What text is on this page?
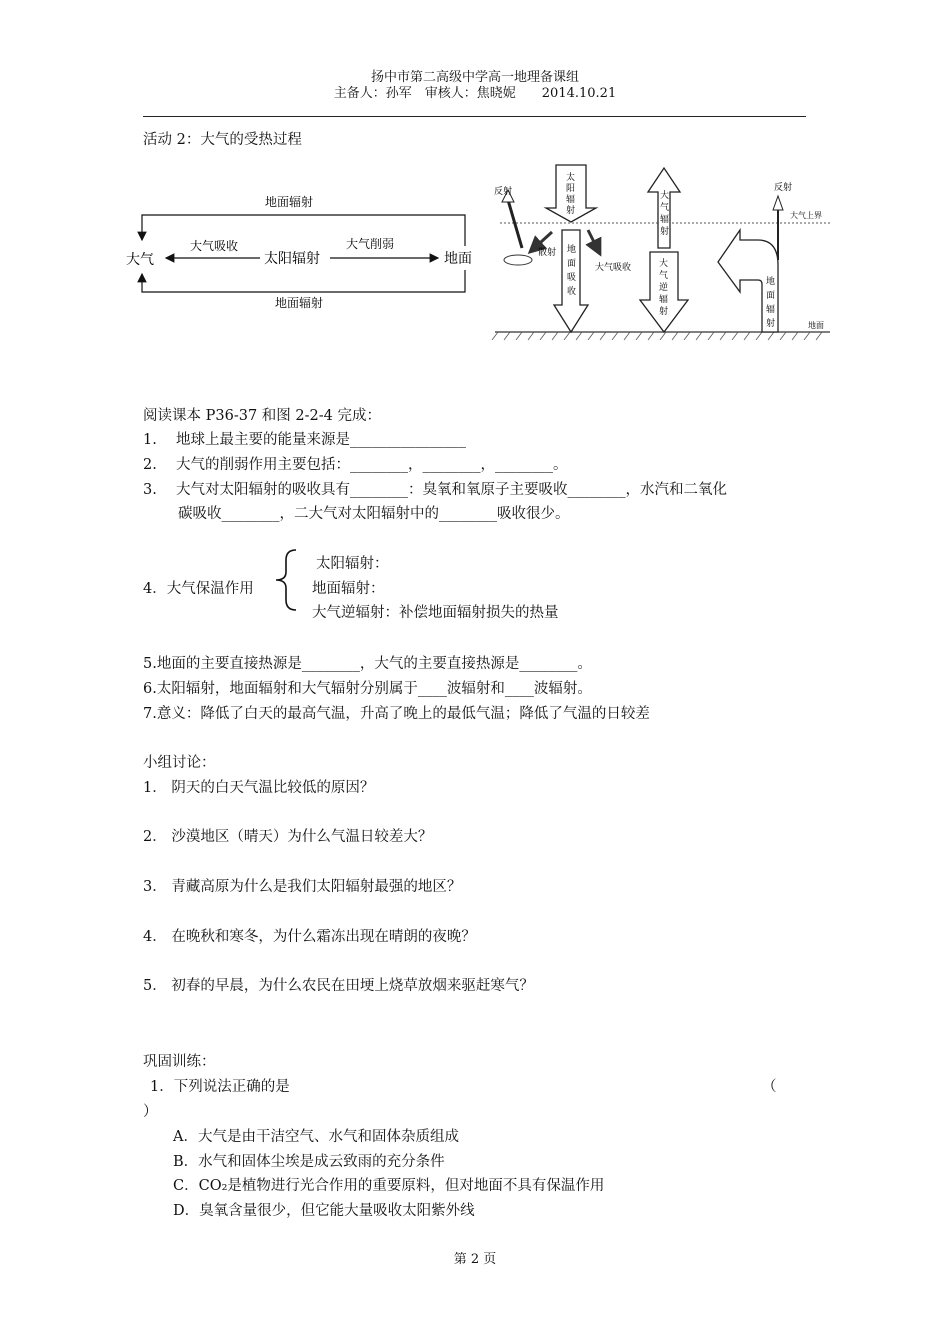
扬中市第二高级中学高一地理备课组
主备人：孙军　审核人：焦晓妮　　2014.10.21
活动 2：大气的受热过程
地面辐射
地面辐射
大气	太阳辐射	地面
大气吸收	大气削弱
反射
太
阳
辐
射
散射 地
面
吸
收
大气吸收
大
气
辐
射
大
气
逆
辐
射
反射
大气上界
地
面
辐
射	地面
阅读课本 P36-37 和图 2-2-4 完成：
1.　 地球上最主要的能量来源是________________
2.　 大气的削弱作用主要包括：________，________，________。
3.　 大气对太阳辐射的吸收具有________：臭氧和氧原子主要吸收________，水汽和二氧化
碳吸收________，二大气对太阳辐射中的________吸收很少。
4．大气保温作用
太阳辐射：
地面辐射：
大气逆辐射：补偿地面辐射损失的热量
5.地面的主要直接热源是________，大气的主要直接热源是________。
6.太阳辐射，地面辐射和大气辐射分别属于____波辐射和____波辐射。
7.意义：降低了白天的最高气温，升高了晚上的最低气温；降低了气温的日较差
小组讨论：
1． 阴天的白天气温比较低的原因？
2． 沙漠地区（晴天）为什么气温日较差大？
3． 青藏高原为什么是我们太阳辐射最强的地区？
4． 在晚秋和寒冬，为什么霜冻出现在晴朗的夜晚？
5． 初春的早晨，为什么农民在田埂上烧草放烟来驱赶寒气？
巩固训练：
1．下列说法正确的是	（
）
A．大气是由干洁空气、水气和固体杂质组成
B．水气和固体尘埃是成云致雨的充分条件
C．CO₂是植物进行光合作用的重要原料，但对地面不具有保温作用
D．臭氧含量很少，但它能大量吸收太阳紫外线
第 2 页
